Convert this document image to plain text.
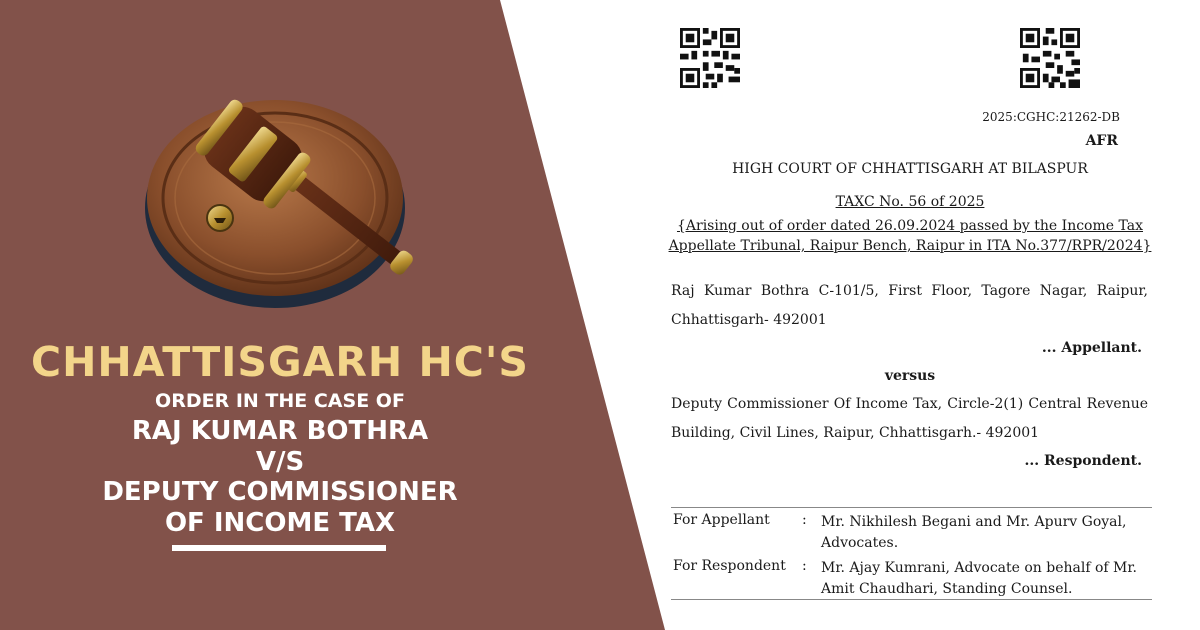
CHHATTISGARH HC'S
ORDER IN THE CASE OF
RAJ KUMAR BOTHRA
V/S
DEPUTY COMMISSIONER
OF INCOME TAX
2025:CGHC:21262-DB
AFR
HIGH COURT OF CHHATTISGARH AT BILASPUR
TAXC No. 56 of 2025
{Arising out of order dated 26.09.2024 passed by the Income Tax
Appellate Tribunal, Raipur Bench, Raipur in ITA No.377/RPR/2024}
Raj Kumar Bothra C-101/5, First Floor, Tagore Nagar, Raipur,
Chhattisgarh- 492001
... Appellant.
versus
Deputy Commissioner Of Income Tax, Circle-2(1) Central Revenue
Building, Civil Lines, Raipur, Chhattisgarh.- 492001
... Respondent.
For Appellant	:	Mr. Nikhilesh Begani and Mr. Apurv Goyal, Advocates.
For Respondent	:	Mr. Ajay Kumrani, Advocate on behalf of Mr. Amit Chaudhari, Standing Counsel.
